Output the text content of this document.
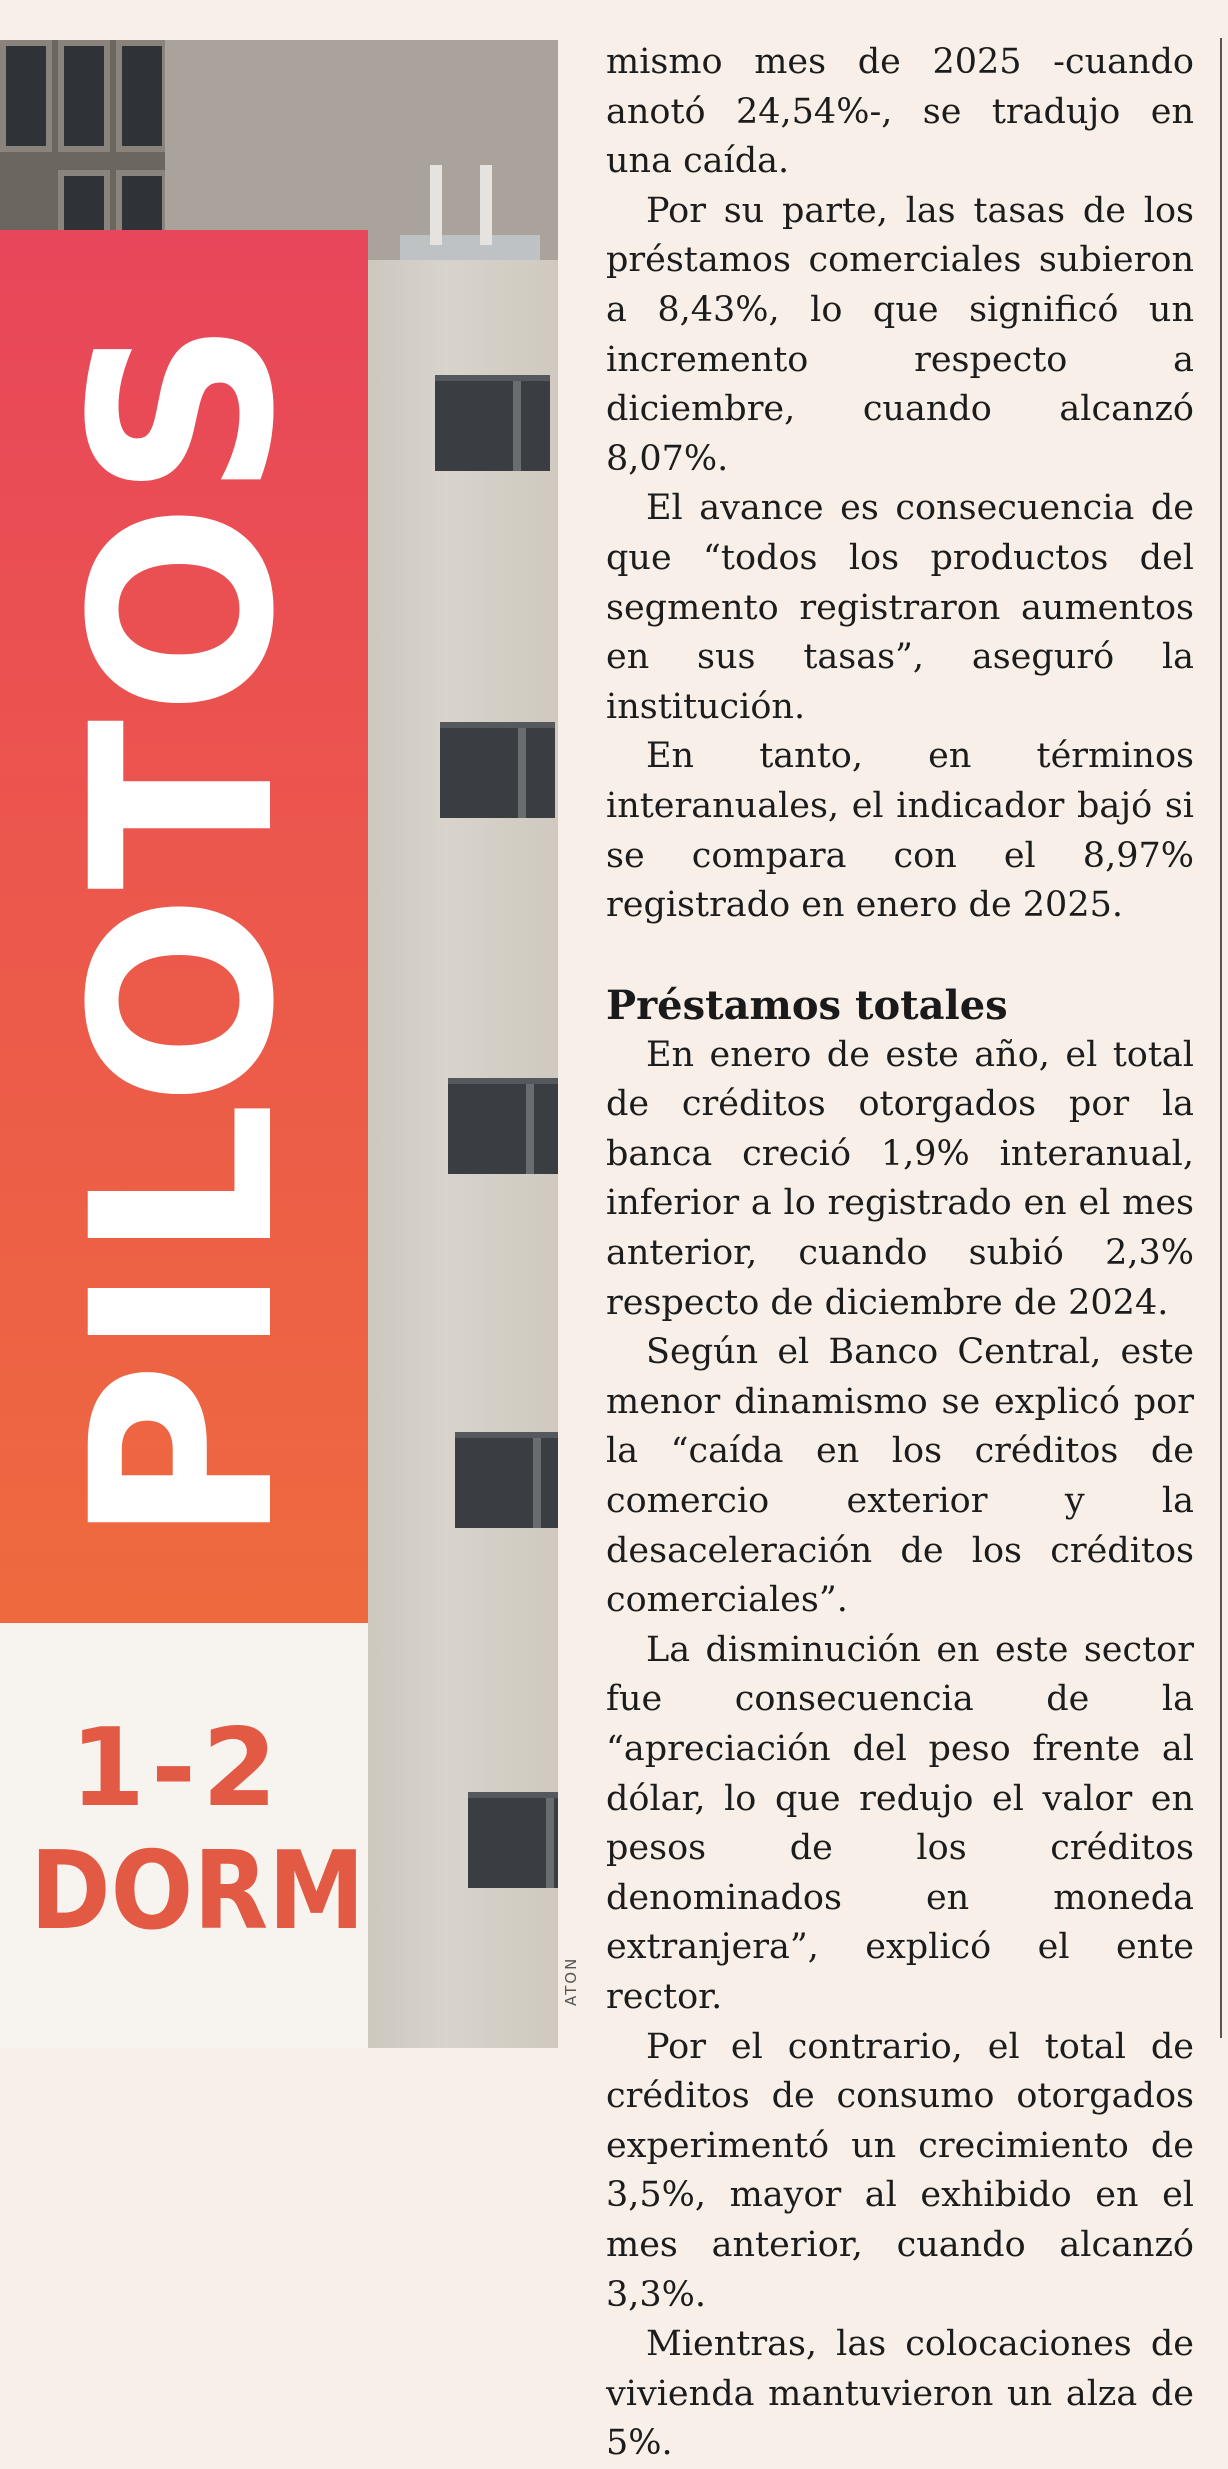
PILOTOS
1-2
DORM
ATON

mismo mes de 2025 -cuando anotó 24,54%-, se tradujo en una caída.

Por su parte, las tasas de los préstamos comerciales subieron a 8,43%, lo que significó un incremento respecto a diciembre, cuando alcanzó 8,07%.

El avance es consecuencia de que “todos los productos del segmento registraron aumentos en sus tasas”, aseguró la institución.

En tanto, en términos interanuales, el indicador bajó si se compara con el 8,97% registrado en enero de 2025.

Préstamos totales

En enero de este año, el total de créditos otorgados por la banca creció 1,9% interanual, inferior a lo registrado en el mes anterior, cuando subió 2,3% respecto de diciembre de 2024.

Según el Banco Central, este menor dinamismo se explicó por la “caída en los créditos de comercio exterior y la desaceleración de los créditos comerciales”.

La disminución en este sector fue consecuencia de la “apreciación del peso frente al dólar, lo que redujo el valor en pesos de los créditos denominados en moneda extranjera”, explicó el ente rector.

Por el contrario, el total de créditos de consumo otorgados experimentó un crecimiento de 3,5%, mayor al exhibido en el mes anterior, cuando alcanzó 3,3%.

Mientras, las colocaciones de vivienda mantuvieron un alza de 5%.
